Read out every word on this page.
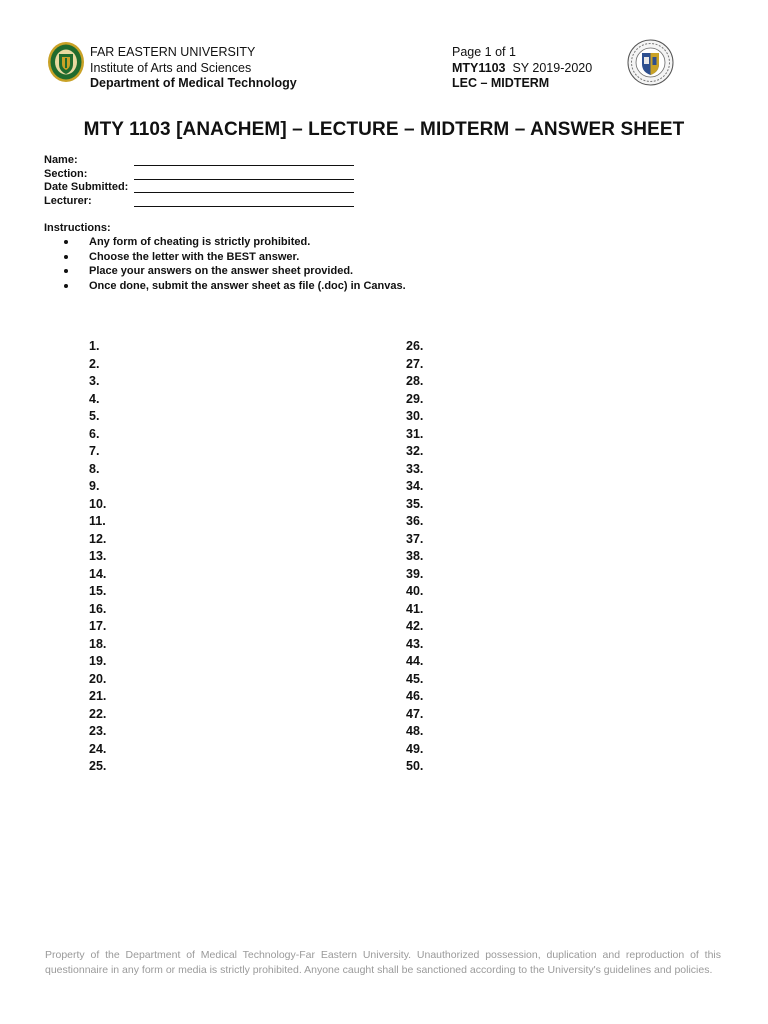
FAR EASTERN UNIVERSITY
Institute of Arts and Sciences
Department of Medical Technology
Page 1 of 1
MTY1103 SY 2019-2020
LEC – MIDTERM
MTY 1103 [ANACHEM] – LECTURE – MIDTERM – ANSWER SHEET
Name:
Section:
Date Submitted:
Lecturer:
Instructions:
Any form of cheating is strictly prohibited.
Choose the letter with the BEST answer.
Place your answers on the answer sheet provided.
Once done, submit the answer sheet as file (.doc) in Canvas.
1.
2.
3.
4.
5.
6.
7.
8.
9.
10.
11.
12.
13.
14.
15.
16.
17.
18.
19.
20.
21.
22.
23.
24.
25.
26.
27.
28.
29.
30.
31.
32.
33.
34.
35.
36.
37.
38.
39.
40.
41.
42.
43.
44.
45.
46.
47.
48.
49.
50.
Property of the Department of Medical Technology-Far Eastern University. Unauthorized possession, duplication and reproduction of this questionnaire in any form or media is strictly prohibited. Anyone caught shall be sanctioned according to the University's guidelines and policies.
